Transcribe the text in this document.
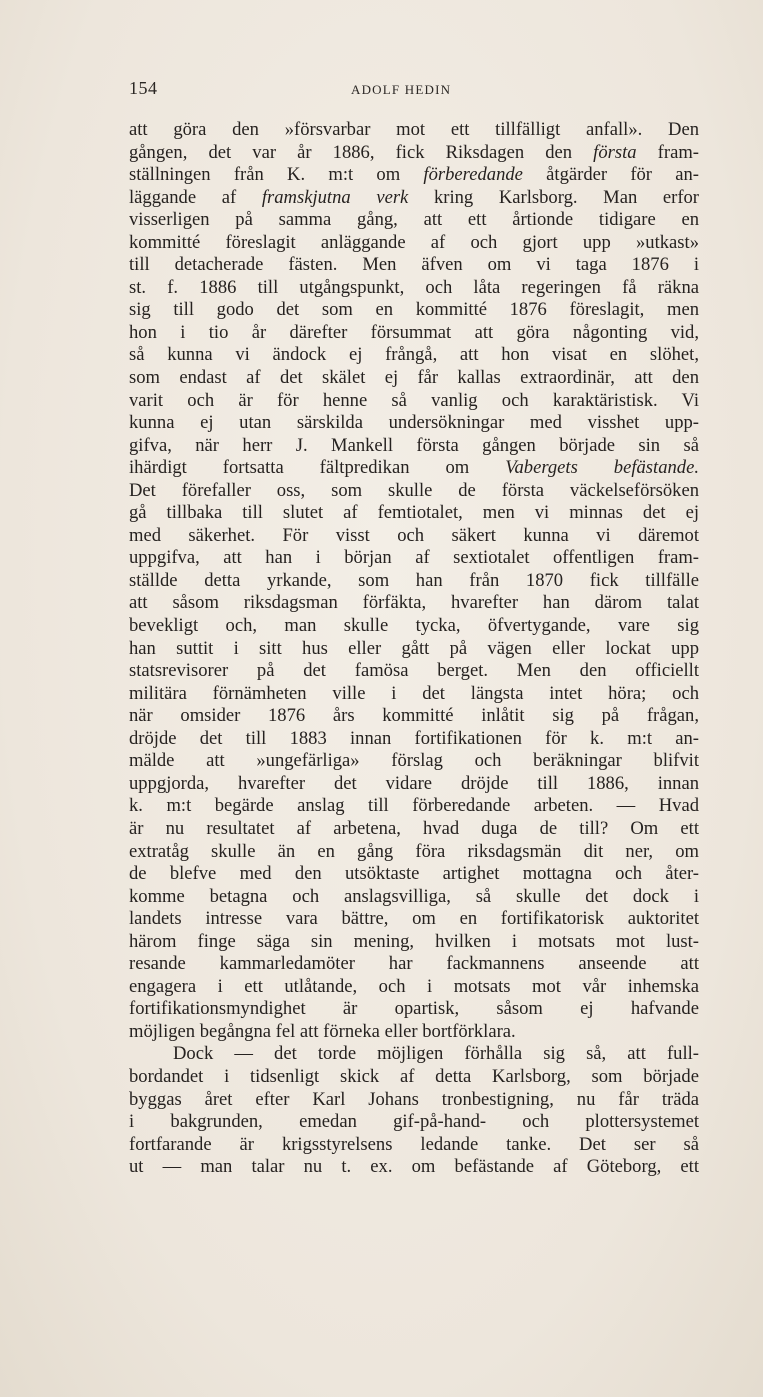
154	ADOLF HEDIN
att göra den »försvarbar mot ett tillfälligt anfall». Den
gången, det var år 1886, fick Riksdagen den första fram-
ställningen från K. m:t om förberedande åtgärder för an-
läggande af framskjutna verk kring Karlsborg. Man erfor
visserligen på samma gång, att ett årtionde tidigare en
kommitté föreslagit anläggande af och gjort upp »utkast»
till detacherade fästen. Men äfven om vi taga 1876 i
st. f. 1886 till utgångspunkt, och låta regeringen få räkna
sig till godo det som en kommitté 1876 föreslagit, men
hon i tio år därefter försummat att göra någonting vid,
så kunna vi ändock ej frångå, att hon visat en slöhet,
som endast af det skälet ej får kallas extraordinär, att den
varit och är för henne så vanlig och karaktäristisk. Vi
kunna ej utan särskilda undersökningar med visshet upp-
gifva, när herr J. Mankell första gången började sin så
ihärdigt fortsatta fältpredikan om Vabergets befästande.
Det förefaller oss, som skulle de första väckelseförsöken
gå tillbaka till slutet af femtiotalet, men vi minnas det ej
med säkerhet. För visst och säkert kunna vi däremot
uppgifva, att han i början af sextiotalet offentligen fram-
ställde detta yrkande, som han från 1870 fick tillfälle
att såsom riksdagsman förfäkta, hvarefter han därom talat
bevekligt och, man skulle tycka, öfvertygande, vare sig
han suttit i sitt hus eller gått på vägen eller lockat upp
statsrevisorer på det famösa berget. Men den officiellt
militära förnämheten ville i det längsta intet höra; och
när omsider 1876 års kommitté inlåtit sig på frågan,
dröjde det till 1883 innan fortifikationen för k. m:t an-
mälde att »ungefärliga» förslag och beräkningar blifvit
uppgjorda, hvarefter det vidare dröjde till 1886, innan
k. m:t begärde anslag till förberedande arbeten. — Hvad
är nu resultatet af arbetena, hvad duga de till? Om ett
extratåg skulle än en gång föra riksdagsmän dit ner, om
de blefve med den utsöktaste artighet mottagna och åter-
komme betagna och anslagsvilliga, så skulle det dock i
landets intresse vara bättre, om en fortifikatorisk auktoritet
härom finge säga sin mening, hvilken i motsats mot lust-
resande kammarledamöter har fackmannens anseende att
engagera i ett utlåtande, och i motsats mot vår inhemska
fortifikationsmyndighet är opartisk, såsom ej hafvande
möjligen begångna fel att förneka eller bortförklara.
Dock — det torde möjligen förhålla sig så, att full-
bordandet i tidsenligt skick af detta Karlsborg, som började
byggas året efter Karl Johans tronbestigning, nu får träda
i bakgrunden, emedan gif-på-hand- och plottersystemet
fortfarande är krigsstyrelsens ledande tanke. Det ser så
ut — man talar nu t. ex. om befästande af Göteborg, ett
